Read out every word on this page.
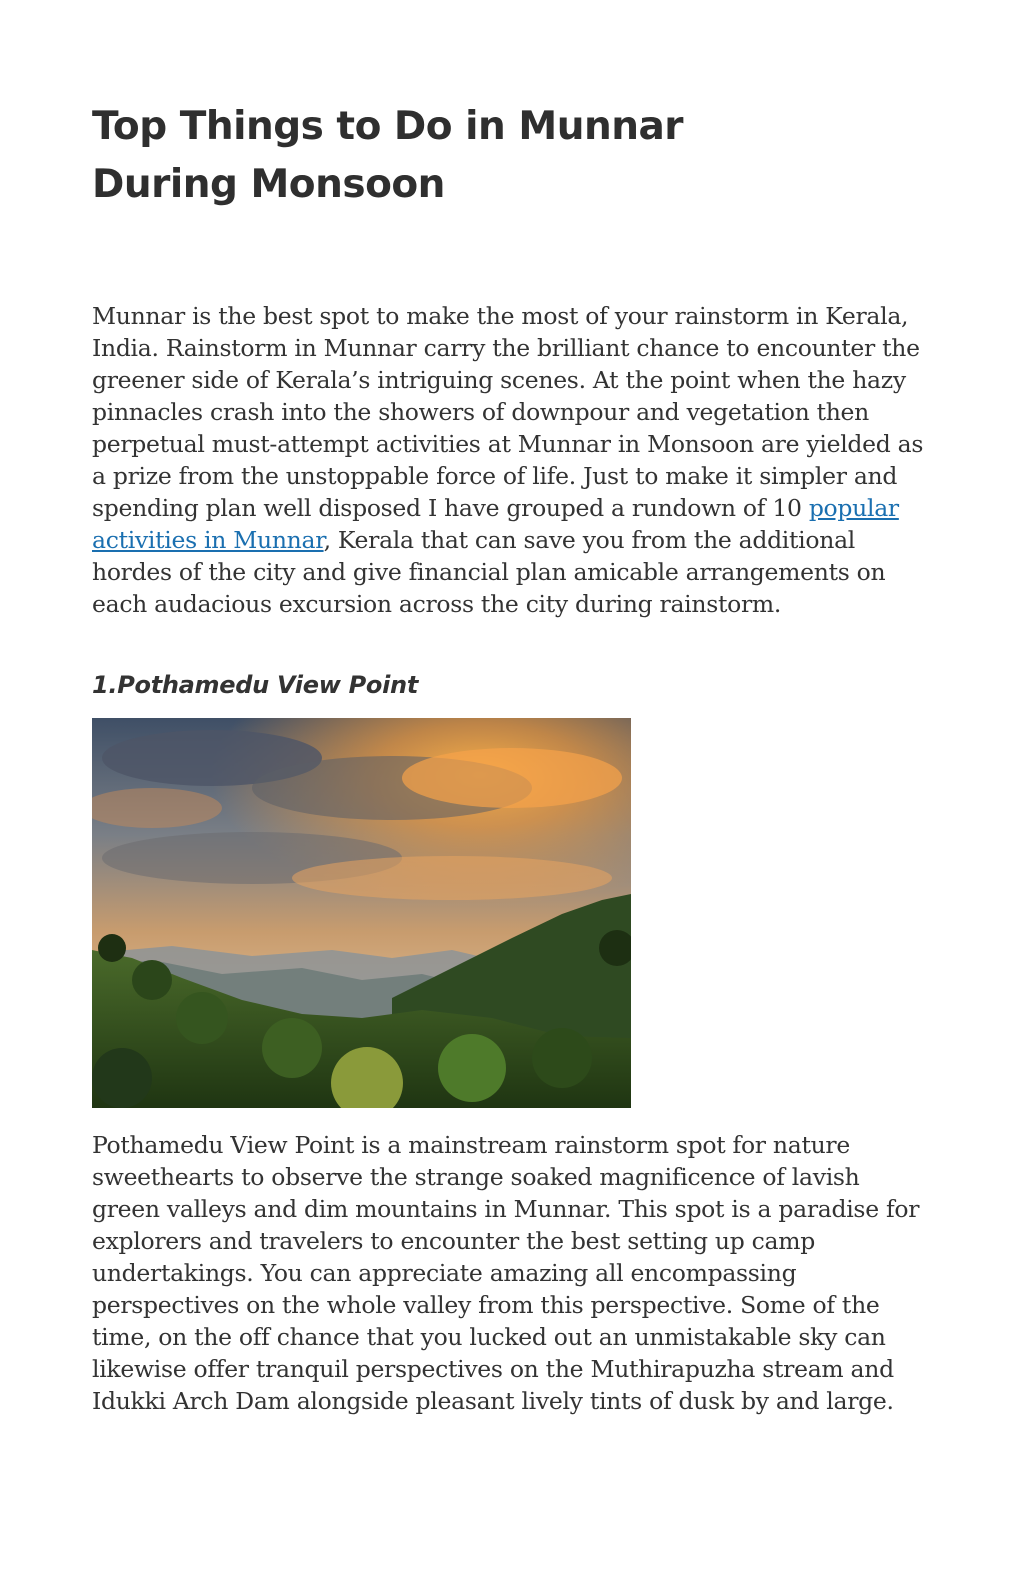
Top Things to Do in Munnar
During Monsoon

Munnar is the best spot to make the most of your rainstorm in Kerala, India. Rainstorm in Munnar carry the brilliant chance to encounter the greener side of Kerala’s intriguing scenes. At the point when the hazy pinnacles crash into the showers of downpour and vegetation then perpetual must-attempt activities at Munnar in Monsoon are yielded as a prize from the unstoppable force of life. Just to make it simpler and spending plan well disposed I have grouped a rundown of 10 popular activities in Munnar, Kerala that can save you from the additional hordes of the city and give financial plan amicable arrangements on each audacious excursion across the city during rainstorm.

1.Pothamedu View Point

Pothamedu View Point is a mainstream rainstorm spot for nature sweethearts to observe the strange soaked magnificence of lavish green valleys and dim mountains in Munnar. This spot is a paradise for explorers and travelers to encounter the best setting up camp undertakings. You can appreciate amazing all encompassing perspectives on the whole valley from this perspective. Some of the time, on the off chance that you lucked out an unmistakable sky can likewise offer tranquil perspectives on the Muthirapuzha stream and Idukki Arch Dam alongside pleasant lively tints of dusk by and large.
